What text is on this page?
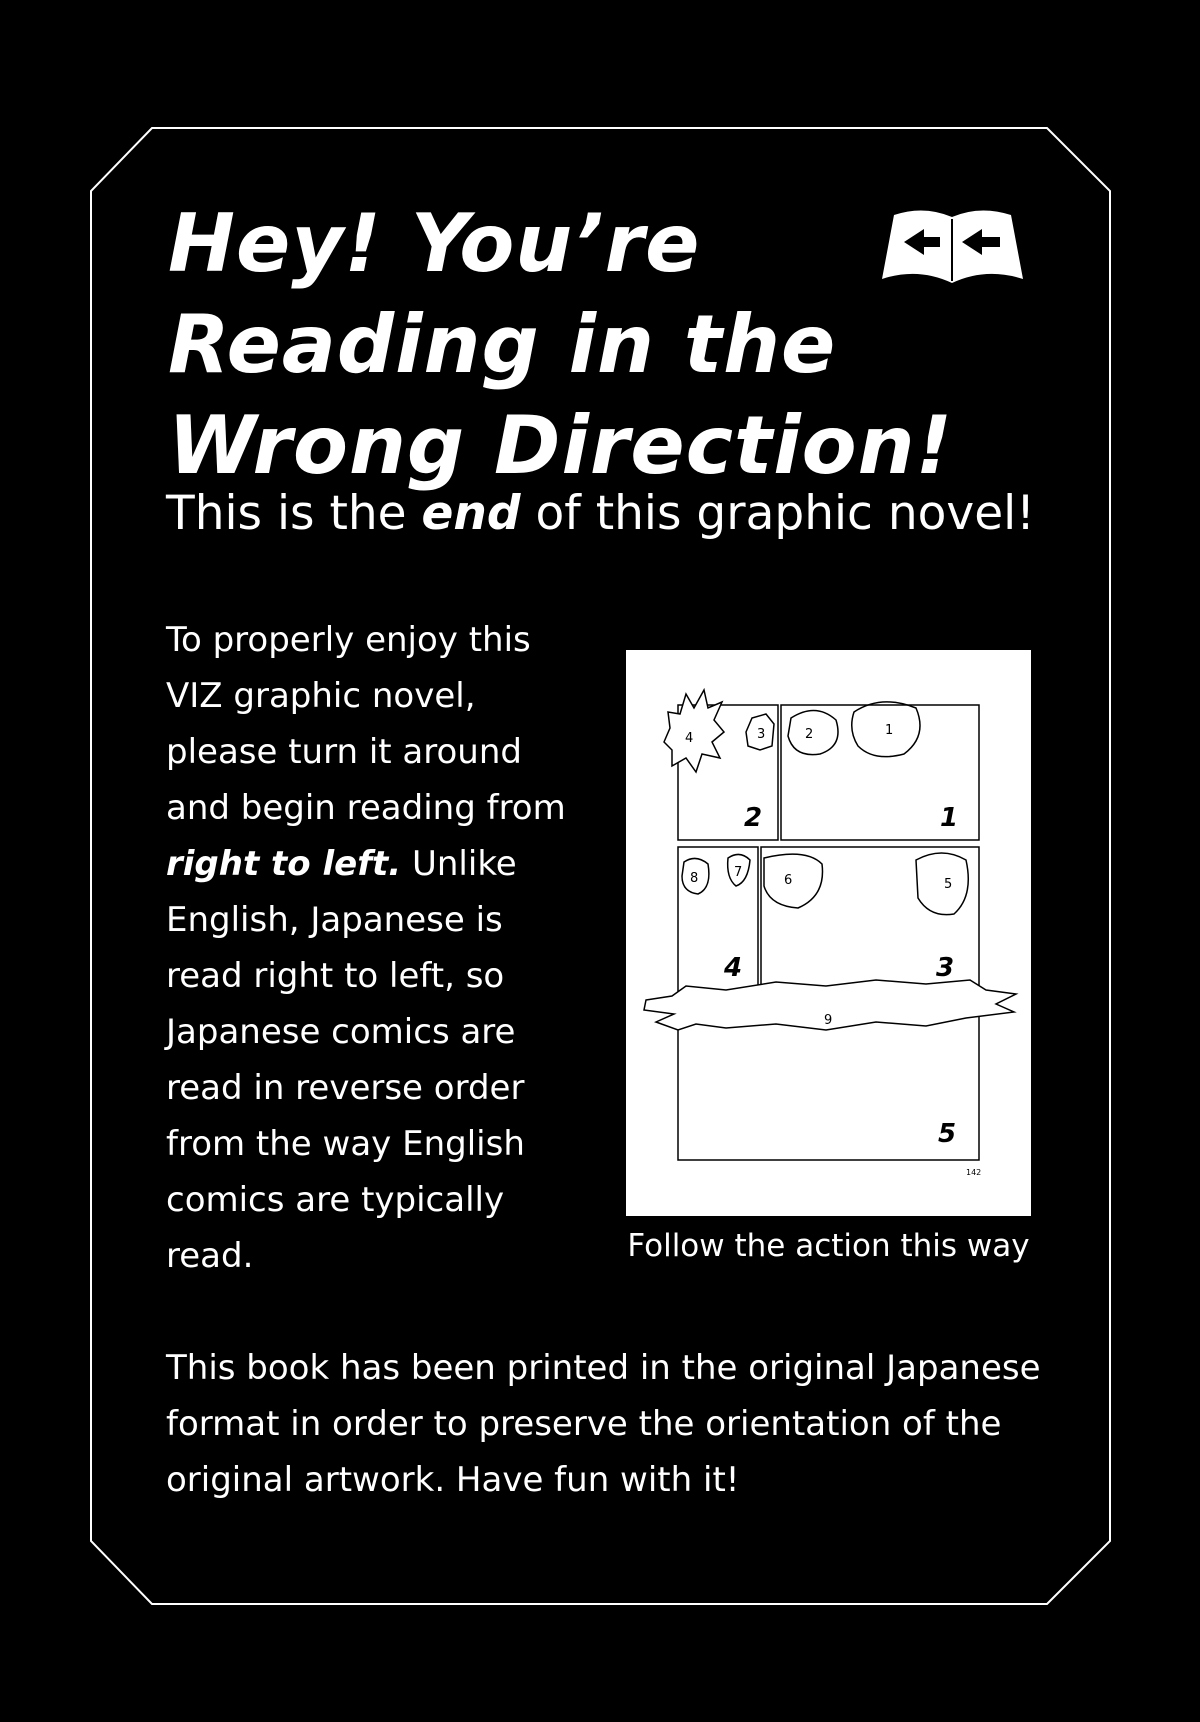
Hey! You’re
Reading in the
Wrong Direction!
This is the end of this graphic novel!
To properly enjoy this
VIZ graphic novel,
please turn it around
and begin reading from
right to left. Unlike
English, Japanese is
read right to left, so
Japanese comics are
read in reverse order
from the way English
comics are typically
read.
4	3	2	1
8	7
6	5
9
2	1
4	3
5
142
Follow the action this way
This book has been printed in the original Japanese
format in order to preserve the orientation of the
original artwork. Have fun with it!
